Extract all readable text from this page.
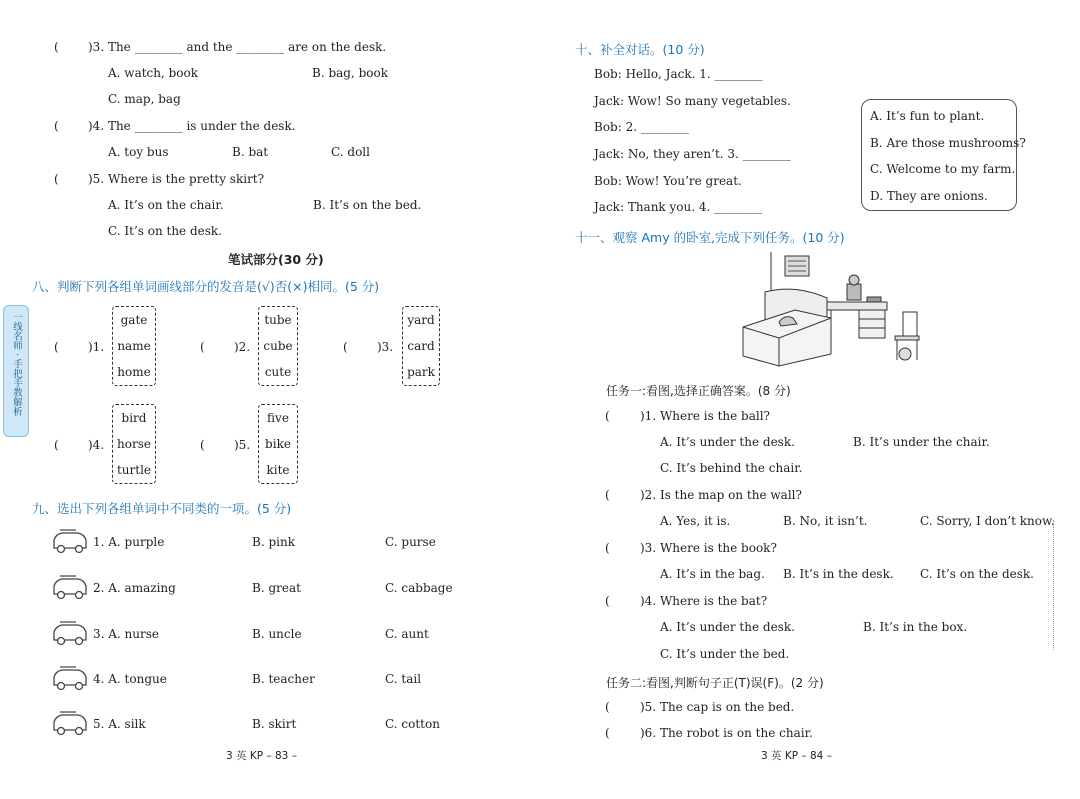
一线名师 · 手把手教解析
( )3. The ________ and the ________ are on the desk.
A. watch, book	B. bag, book
C. map, bag
( )4. The ________ is under the desk.
A. toy bus	B. bat	C. doll
( )5. Where is the pretty skirt?
A. It’s on the chair.	B. It’s on the bed.
C. It’s on the desk.
笔试部分(30 分)
八、判断下列各组单词画线部分的发音是(√)否(×)相同。(5 分)
( )1.
gate
name
home
( )2.
tube
cube
cute
( )3.
yard
card
park
( )4.
bird
horse
turtle
( )5.
five
bike
kite
九、选出下列各组单词中不同类的一项。(5 分)
1. A. purple	B. pink	C. purse
2. A. amazing	B. great	C. cabbage
3. A. nurse	B. uncle	C. aunt
4. A. tongue	B. teacher	C. tail
5. A. silk	B. skirt	C. cotton
3 英 KP – 83 –
十、补全对话。(10 分)
Bob: Hello, Jack. 1. ________
Jack: Wow! So many vegetables.
Bob: 2. ________
Jack: No, they aren’t. 3. ________
Bob: Wow! You’re great.
Jack: Thank you. 4. ________
A. It’s fun to plant.
B. Are those mushrooms?
C. Welcome to my farm.
D. They are onions.
十一、观察 Amy 的卧室,完成下列任务。(10 分)
任务一:看图,选择正确答案。(8 分)
(	)1. Where is the ball?
A. It’s under the desk.	B. It’s under the chair.
C. It’s behind the chair.
(	)2. Is the map on the wall?
A. Yes, it is.	B. No, it isn’t.	C. Sorry, I don’t know.
(	)3. Where is the book?
A. It’s in the bag. B. It’s in the desk. C. It’s on the desk.
(	)4. Where is the bat?
A. It’s under the desk.	B. It’s in the box.
C. It’s under the bed.
任务二:看图,判断句子正(T)误(F)。(2 分)
(	)5. The cap is on the bed.
(	)6. The robot is on the chair.
3 英 KP – 84 –
